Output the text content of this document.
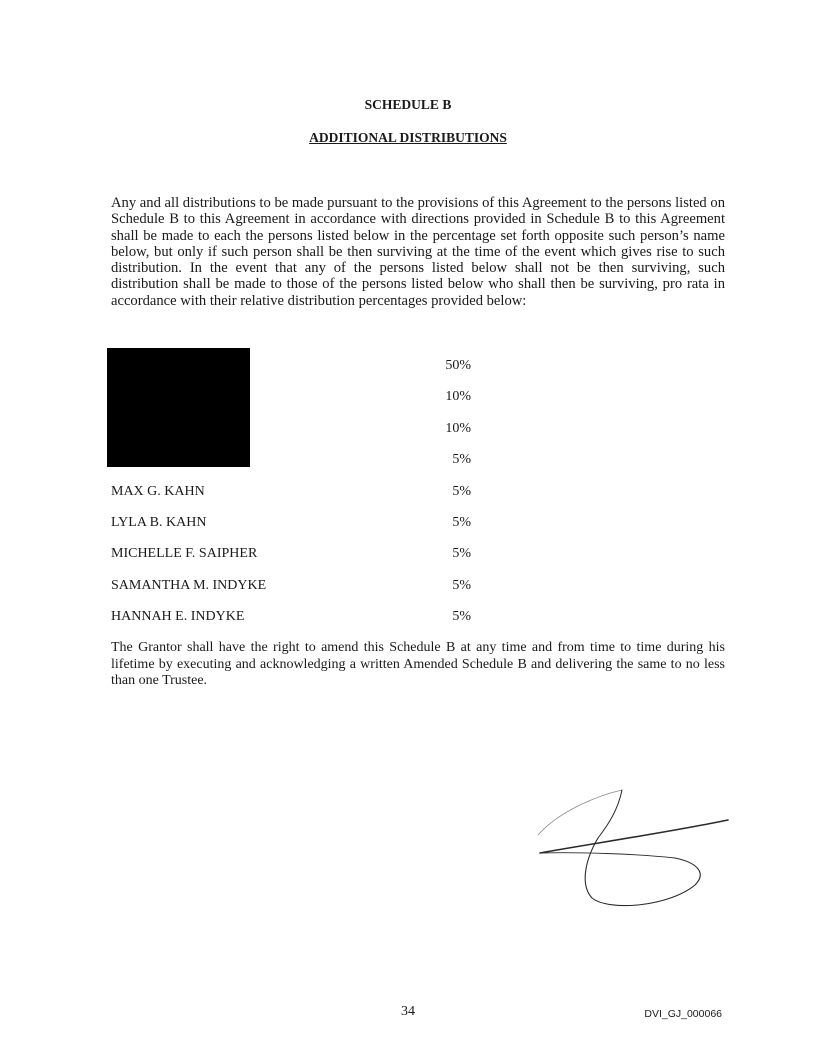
SCHEDULE B
ADDITIONAL DISTRIBUTIONS
Any and all distributions to be made pursuant to the provisions of this Agreement to the persons listed on Schedule B to this Agreement in accordance with directions provided in Schedule B to this Agreement shall be made to each the persons listed below in the percentage set forth opposite such person’s name below, but only if such person shall be then surviving at the time of the event which gives rise to such distribution. In the event that any of the persons listed below shall not be then surviving, such distribution shall be made to those of the persons listed below who shall then be surviving, pro rata in accordance with their relative distribution percentages provided below:
50%
10%
10%
5%
MAX G. KAHN	5%
LYLA B. KAHN	5%
MICHELLE F. SAIPHER	5%
SAMANTHA M. INDYKE	5%
HANNAH E. INDYKE	5%
The Grantor shall have the right to amend this Schedule B at any time and from time to time during his lifetime by executing and acknowledging a written Amended Schedule B and delivering the same to no less than one Trustee.
34	DVI_GJ_000066
